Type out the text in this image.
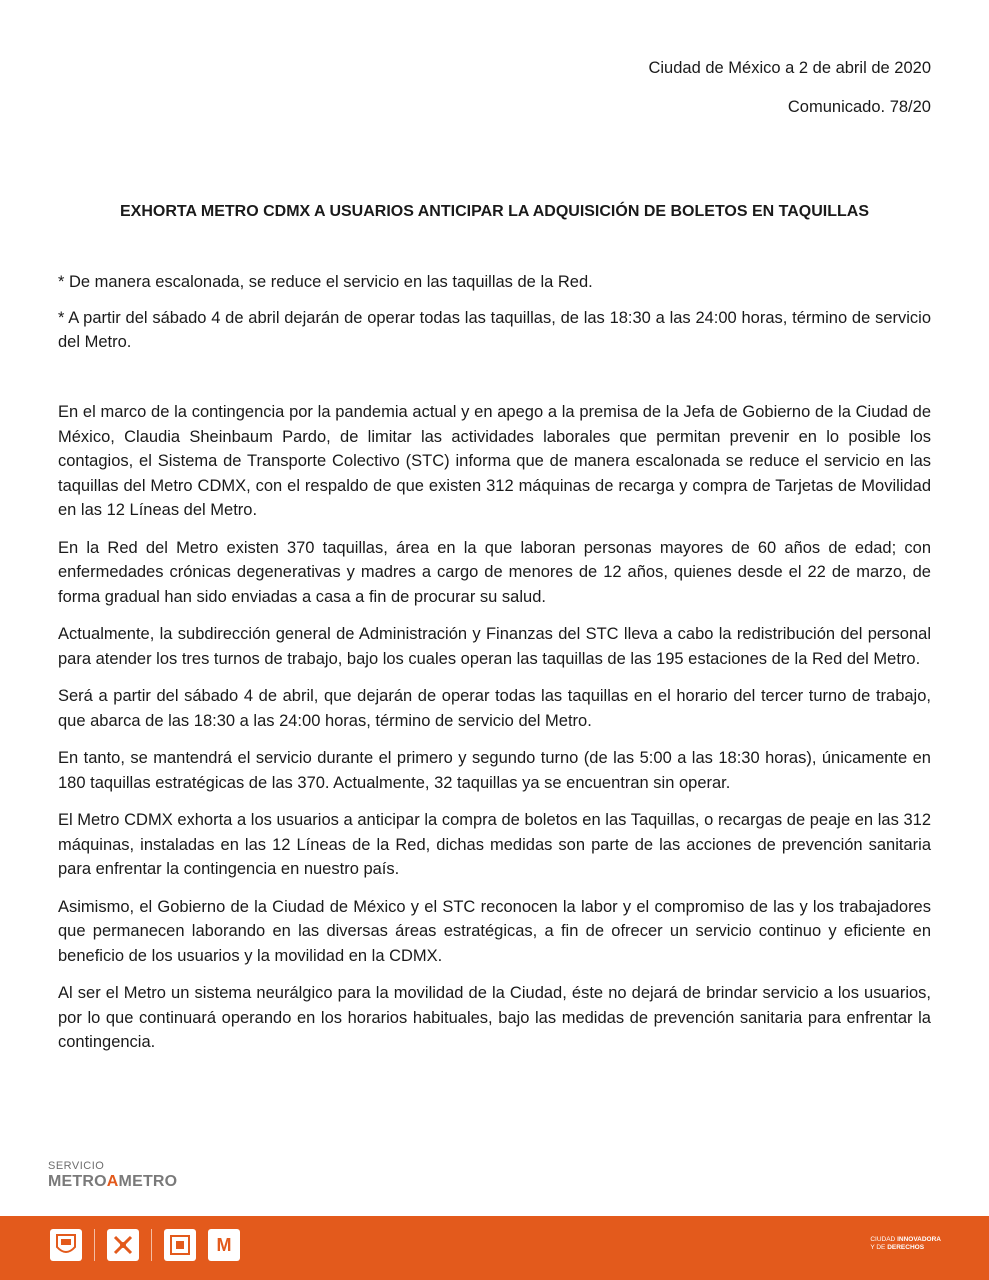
Ciudad de México a 2 de abril de 2020
Comunicado. 78/20
EXHORTA METRO CDMX A USUARIOS ANTICIPAR LA ADQUISICIÓN DE BOLETOS EN TAQUILLAS

* De manera escalonada, se reduce el servicio en las taquillas de la Red.

* A partir del sábado 4 de abril dejarán de operar todas las taquillas, de las 18:30 a las 24:00 horas, término de servicio del Metro.

En el marco de la contingencia por la pandemia actual y en apego a la premisa de la Jefa de Gobierno de la Ciudad de México, Claudia Sheinbaum Pardo, de limitar las actividades laborales que permitan prevenir en lo posible los contagios, el Sistema de Transporte Colectivo (STC) informa que de manera escalonada se reduce el servicio en las taquillas del Metro CDMX, con el respaldo de que existen 312 máquinas de recarga y compra de Tarjetas de Movilidad en las 12 Líneas del Metro.

En la Red del Metro existen 370 taquillas, área en la que laboran personas mayores de 60 años de edad; con enfermedades crónicas degenerativas y madres a cargo de menores de 12 años, quienes desde el 22 de marzo, de forma gradual han sido enviadas a casa a fin de procurar su salud.

Actualmente, la subdirección general de Administración y Finanzas del STC lleva a cabo la redistribución del personal para atender los tres turnos de trabajo, bajo los cuales operan las taquillas de las 195 estaciones de la Red del Metro.

Será a partir del sábado 4 de abril, que dejarán de operar todas las taquillas en el horario del tercer turno de trabajo, que abarca de las 18:30 a las 24:00 horas, término de servicio del Metro.

En tanto, se mantendrá el servicio durante el primero y segundo turno (de las 5:00 a las 18:30 horas), únicamente en 180 taquillas estratégicas de las 370. Actualmente, 32 taquillas ya se encuentran sin operar.

El Metro CDMX exhorta a los usuarios a anticipar la compra de boletos en las Taquillas, o recargas de peaje en las 312 máquinas, instaladas en las 12 Líneas de la Red, dichas medidas son parte de las acciones de prevención sanitaria para enfrentar la contingencia en nuestro país.

Asimismo, el Gobierno de la Ciudad de México y el STC reconocen la labor y el compromiso de las y los trabajadores que permanecen laborando en las diversas áreas estratégicas, a fin de ofrecer un servicio continuo y eficiente en beneficio de los usuarios y la movilidad en la CDMX.

Al ser el Metro un sistema neurálgico para la movilidad de la Ciudad, éste no dejará de brindar servicio a los usuarios, por lo que continuará operando en los horarios habituales, bajo las medidas de prevención sanitaria para enfrentar la contingencia.

SERVICIO
METROAMETRO
M	CIUDAD INNOVADORA
Y DE DERECHOS
